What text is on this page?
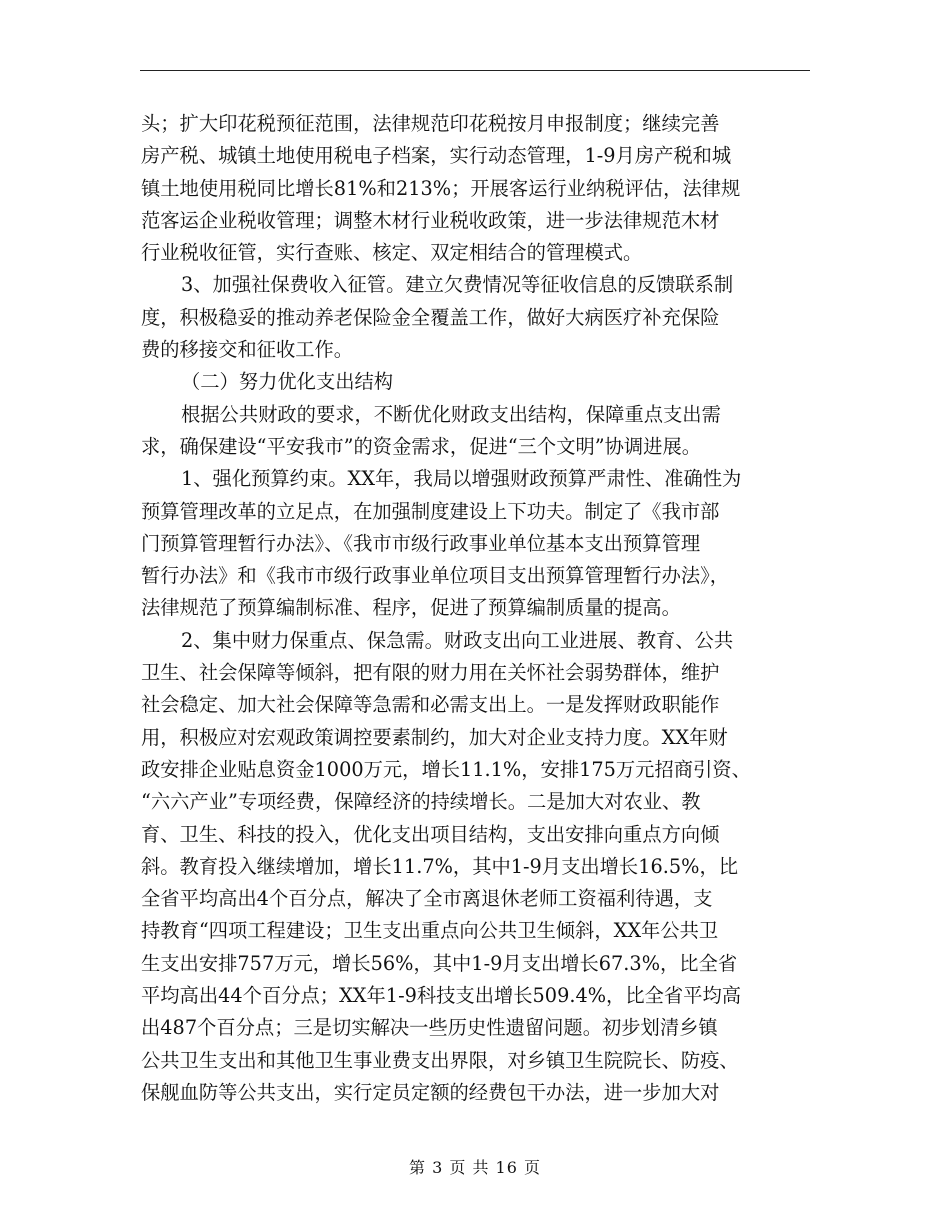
头；扩大印花税预征范围，法律规范印花税按月申报制度；继续完善
房产税、城镇土地使用税电子档案，实行动态管理，1-9月房产税和城
镇土地使用税同比增长81%和213%；开展客运行业纳税评估，法律规
范客运企业税收管理；调整木材行业税收政策，进一步法律规范木材
行业税收征管，实行查账、核定、双定相结合的管理模式。
3、加强社保费收入征管。建立欠费情况等征收信息的反馈联系制
度，积极稳妥的推动养老保险金全覆盖工作，做好大病医疗补充保险
费的移接交和征收工作。
（二）努力优化支出结构
根据公共财政的要求，不断优化财政支出结构，保障重点支出需
求，确保建设“平安我市”的资金需求，促进“三个文明”协调进展。
1、强化预算约束。XX年，我局以增强财政预算严肃性、准确性为
预算管理改革的立足点，在加强制度建设上下功夫。制定了《我市部
门预算管理暂行办法》、《我市市级行政事业单位基本支出预算管理
暂行办法》和《我市市级行政事业单位项目支出预算管理暂行办法》，
法律规范了预算编制标准、程序，促进了预算编制质量的提高。
2、集中财力保重点、保急需。财政支出向工业进展、教育、公共
卫生、社会保障等倾斜，把有限的财力用在关怀社会弱势群体，维护
社会稳定、加大社会保障等急需和必需支出上。一是发挥财政职能作
用，积极应对宏观政策调控要素制约，加大对企业支持力度。XX年财
政安排企业贴息资金1000万元，增长11.1%，安排175万元招商引资、
“六六产业”专项经费，保障经济的持续增长。二是加大对农业、教
育、卫生、科技的投入，优化支出项目结构，支出安排向重点方向倾
斜。教育投入继续增加，增长11.7%，其中1-9月支出增长16.5%，比
全省平均高出4个百分点，解决了全市离退休老师工资福利待遇，支
持教育“四项工程建设；卫生支出重点向公共卫生倾斜，XX年公共卫
生支出安排757万元，增长56%，其中1-9月支出增长67.3%，比全省
平均高出44个百分点；XX年1-9科技支出增长509.4%，比全省平均高
出487个百分点；三是切实解决一些历史性遗留问题。初步划清乡镇
公共卫生支出和其他卫生事业费支出界限，对乡镇卫生院院长、防疫、
保舰血防等公共支出，实行定员定额的经费包干办法，进一步加大对
第 3 页 共 16 页
